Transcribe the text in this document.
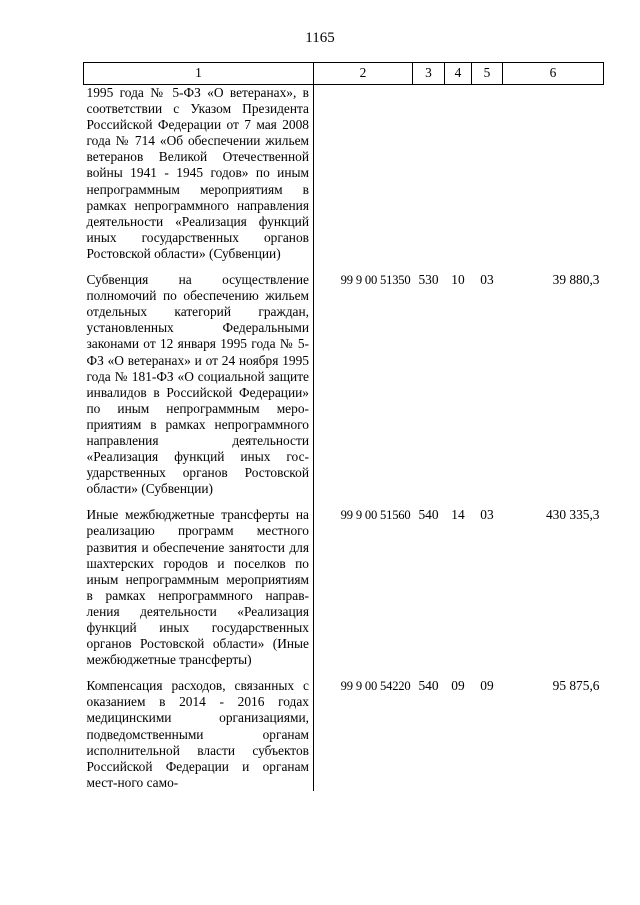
1165
1	2	3	4	5	6
1995 года № 5-ФЗ «О ветеранах», в соответствии с Указом Президента Российской Федерации от 7 мая 2008 года № 714 «Об обеспечении жильем ветеранов Великой Отечественной войны 1941 - 1945 годов» по иным непрограммным мероприятиям в рамках непрограммного направления деятельности «Реализация функций иных государственных органов Ростовской области» (Субвенции)					
Субвенция на осуществление полномочий по обеспечению жильем отдельных категорий граждан, установленных Федеральными законами от 12 января 1995 года № 5-ФЗ «О ветеранах» и от 24 ноября 1995 года № 181-ФЗ «О социальной защите инвалидов в Российской Федерации» по иным непрограммным мероприятиям в рамках непрограммного направления деятельности «Реализация функций иных государственных органов Ростовской области» (Субвенции)	99 9 00 51350	530	10	03	39 880,3
Иные межбюджетные трансферты на реализацию программ местного развития и обеспечение занятости для шахтерских городов и поселков по иным непрограммным мероприятиям в рамках непрограммного направления деятельности «Реализация функций иных государственных органов Ростовской области» (Иные межбюджетные трансферты)	99 9 00 51560	540	14	03	430 335,3
Компенсация расходов, связанных с оказанием в 2014 - 2016 годах медицинскими организациями, подведомственными органам исполнительной власти субъектов Российской Федерации и органам мест-ного само-	99 9 00 54220	540	09	09	95 875,6
